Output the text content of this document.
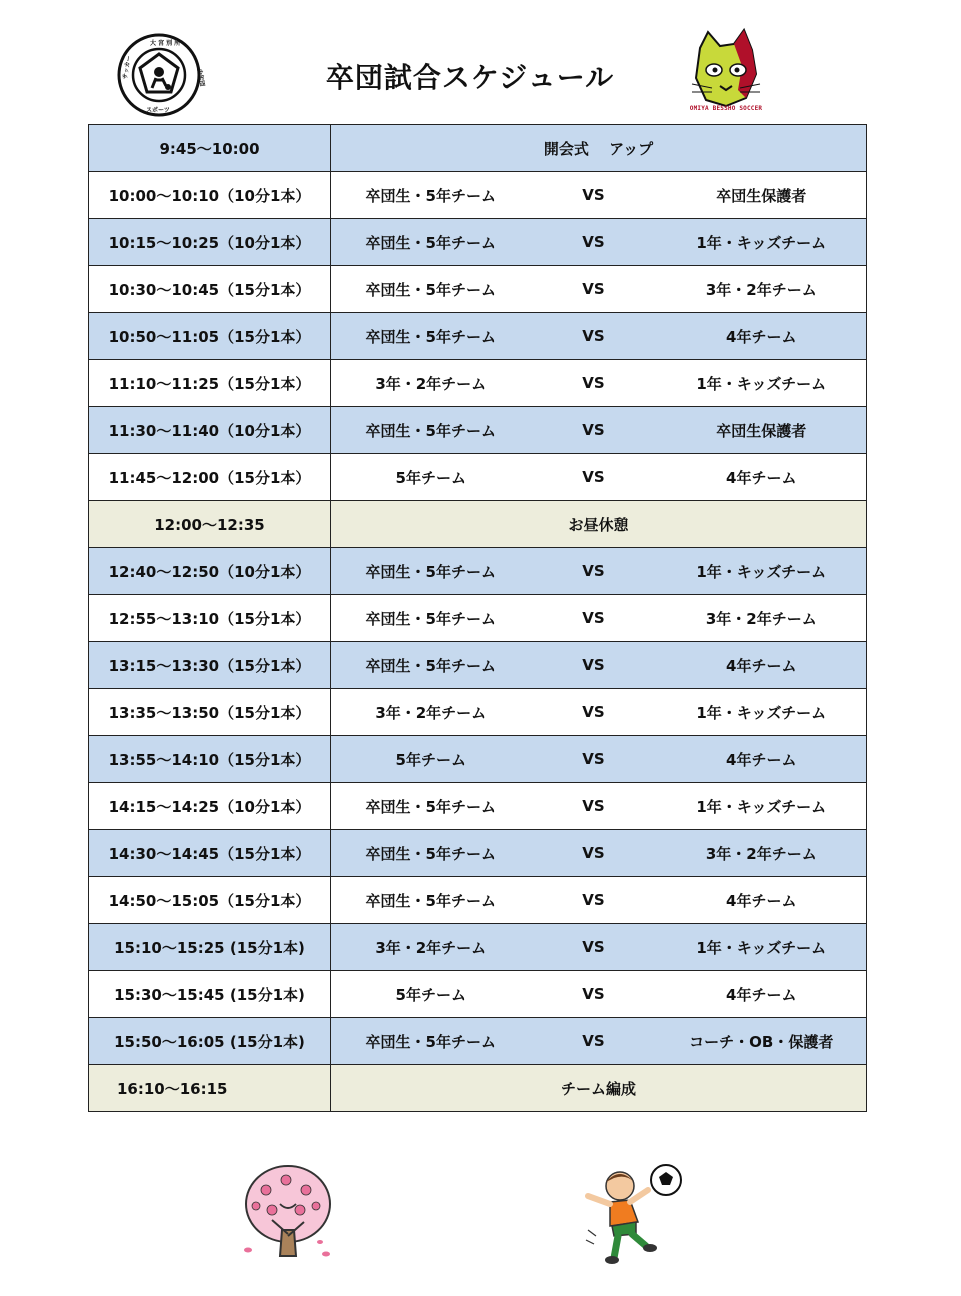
大 宮 別 所
サッカー
スポーツ
少年団	卒団試合スケジュール
OMIYA BESSHO SOCCER
9:45〜10:00	開会式　 アップ		
10:00〜10:10（10分1本）	卒団生・5年チーム	VS	卒団生保護者
10:15〜10:25（10分1本）	卒団生・5年チーム	VS	1年・キッズチーム
10:30〜10:45（15分1本）	卒団生・5年チーム	VS	3年・2年チーム
10:50〜11:05（15分1本）	卒団生・5年チーム	VS	4年チーム
11:10〜11:25（15分1本）	3年・2年チーム	VS	1年・キッズチーム
11:30〜11:40（10分1本）	卒団生・5年チーム	VS	卒団生保護者
11:45〜12:00（15分1本）	5年チーム	VS	4年チーム
12:00〜12:35	お昼休憩		
12:40〜12:50（10分1本）	卒団生・5年チーム	VS	1年・キッズチーム
12:55〜13:10（15分1本）	卒団生・5年チーム	VS	3年・2年チーム
13:15〜13:30（15分1本）	卒団生・5年チーム	VS	4年チーム
13:35〜13:50（15分1本）	3年・2年チーム	VS	1年・キッズチーム
13:55〜14:10（15分1本）	5年チーム	VS	4年チーム
14:15〜14:25（10分1本）	卒団生・5年チーム	VS	1年・キッズチーム
14:30〜14:45（15分1本）	卒団生・5年チーム	VS	3年・2年チーム
14:50〜15:05（15分1本）	卒団生・5年チーム	VS	4年チーム
15:10〜15:25 (15分1本)	3年・2年チーム	VS	1年・キッズチーム
15:30〜15:45 (15分1本)	5年チーム	VS	4年チーム
15:50〜16:05 (15分1本)	卒団生・5年チーム	VS	コーチ・OB・保護者
16:10〜16:15	チーム編成		
